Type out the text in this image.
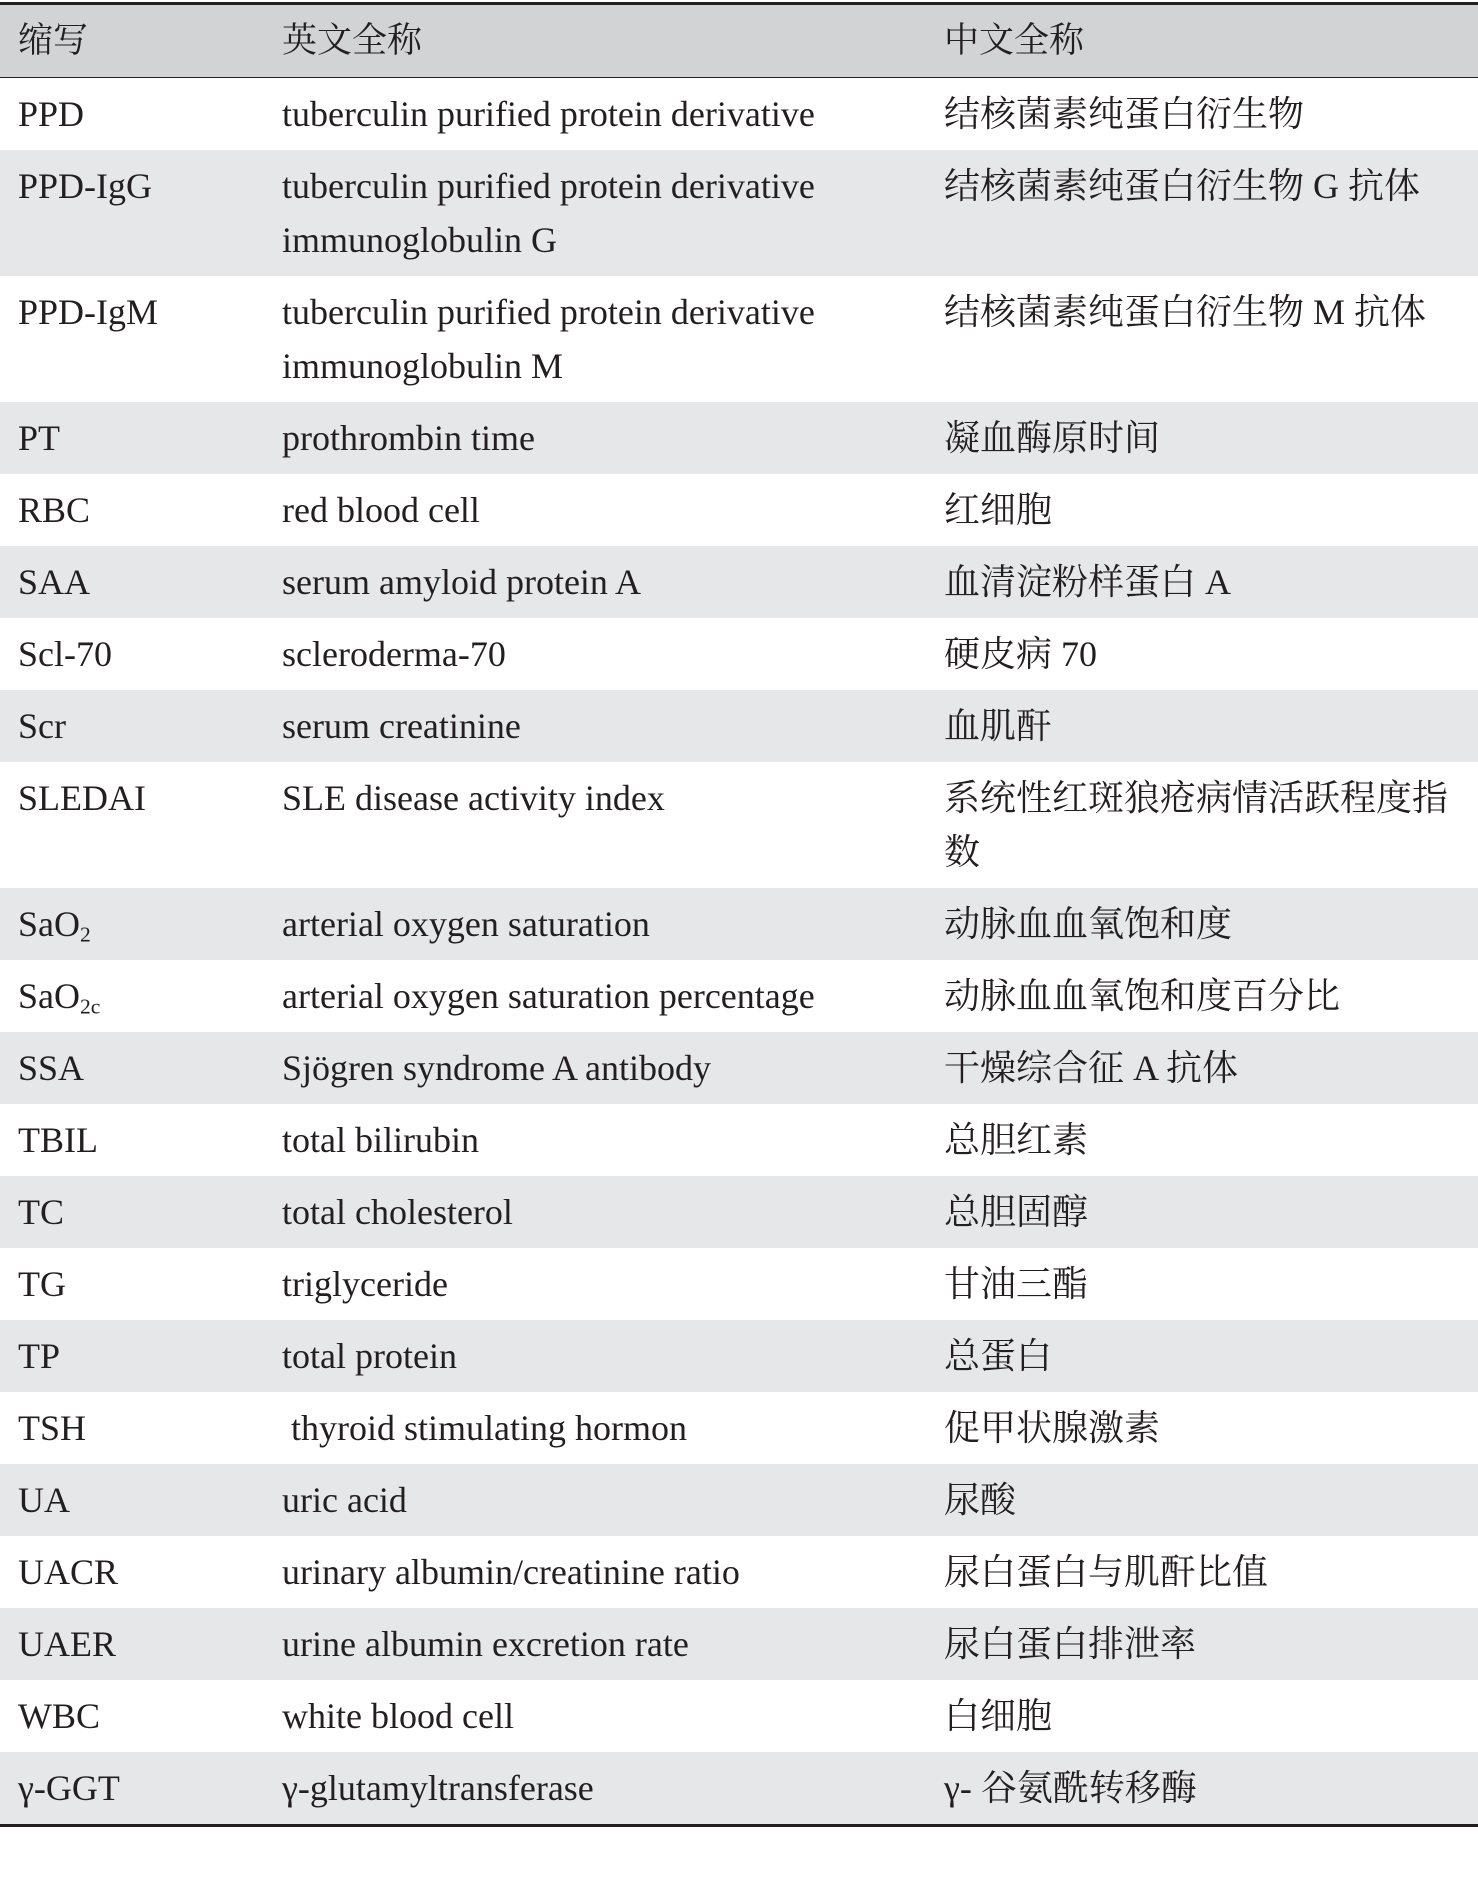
缩写	英文全称	中文全称
PPD	tuberculin purified protein derivative	结核菌素纯蛋白衍生物
PPD-IgG	tuberculin purified protein derivative immunoglobulin G	结核菌素纯蛋白衍生物 G 抗体
PPD-IgM	tuberculin purified protein derivative immunoglobulin M	结核菌素纯蛋白衍生物 M 抗体
PT	prothrombin time	凝血酶原时间
RBC	red blood cell	红细胞
SAA	serum amyloid protein A	血清淀粉样蛋白 A
Scl-70	scleroderma-70	硬皮病 70
Scr	serum creatinine	血肌酐
SLEDAI	SLE disease activity index	系统性红斑狼疮病情活跃程度指数
SaO$_2$	arterial oxygen saturation	动脉血血氧饱和度
SaO$_{2c}$	arterial oxygen saturation percentage	动脉血血氧饱和度百分比
SSA	Sjögren syndrome A antibody	干燥综合征 A 抗体
TBIL	total bilirubin	总胆红素
TC	total cholesterol	总胆固醇
TG	triglyceride	甘油三酯
TP	total protein	总蛋白
TSH	thyroid stimulating hormon	促甲状腺激素
UA	uric acid	尿酸
UACR	urinary albumin/creatinine ratio	尿白蛋白与肌酐比值
UAER	urine albumin excretion rate	尿白蛋白排泄率
WBC	white blood cell	白细胞
γ-GGT	γ-glutamyltransferase	γ- 谷氨酰转移酶
